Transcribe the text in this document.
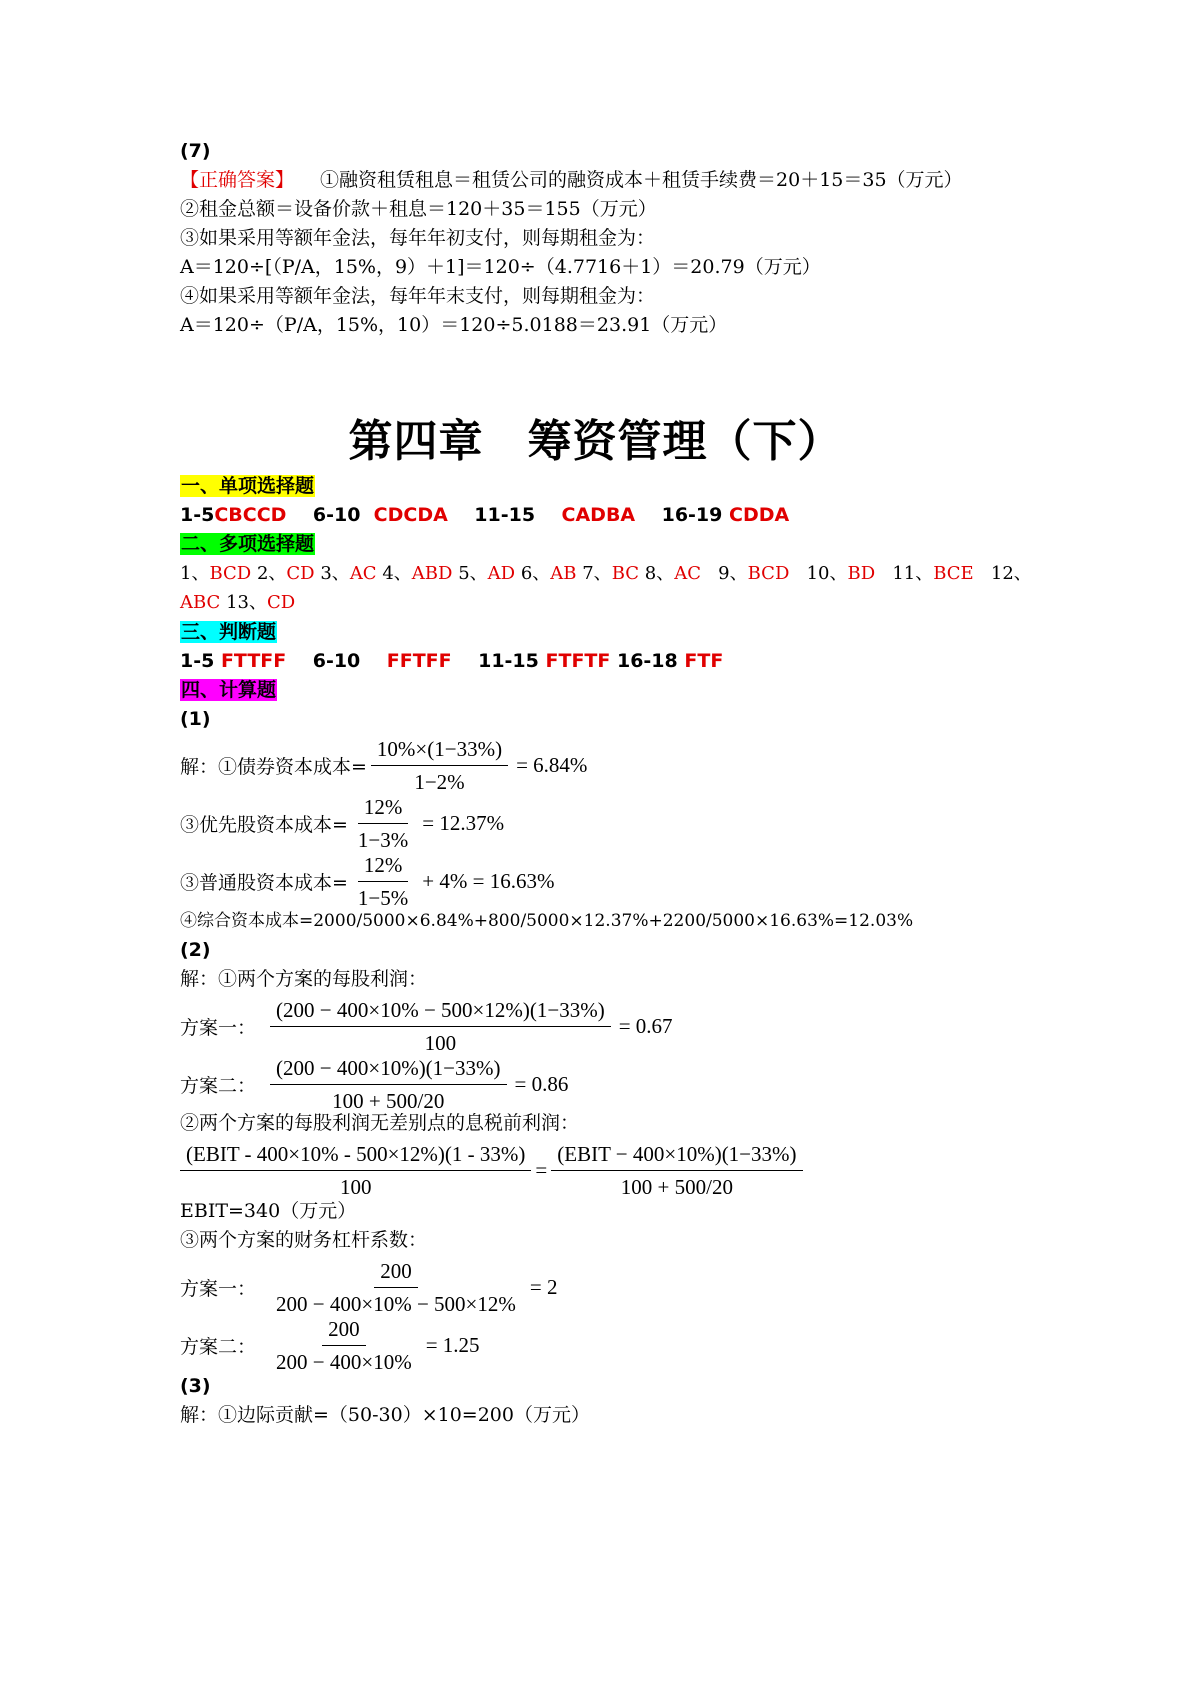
(7)
【正确答案】 ①融资租赁租息＝租赁公司的融资成本＋租赁手续费＝20＋15＝35（万元）
②租金总额＝设备价款＋租息＝120＋35＝155（万元）
③如果采用等额年金法，每年年初支付，则每期租金为：
A＝120÷[（P/A，15%，9）＋1]＝120÷（4.7716＋1）＝20.79（万元）
④如果采用等额年金法，每年年末支付，则每期租金为：
A＝120÷（P/A，15%，10）＝120÷5.0188＝23.91（万元）
第四章 筹资管理（下）
一、单项选择题
1-5CBCCD 6-10 CDCDA 11-15 CADBA 16-19 CDDA
二、多项选择题
1、BCD 2、CD 3、AC 4、ABD 5、AD 6、AB 7、BC 8、AC 9、BCD 10、BD 11、BCE 12、
ABC 13、CD
三、判断题
1-5 FTTFF 6-10 FFTFF 11-15 FTFTF 16-18 FTF
四、计算题
(1)
解：①债券资本成本= $\frac{10\%\times(1-33\%)}{1-2\%} = 6.84\%$
③优先股资本成本= $\frac{12\%}{1-3\%} = 12.37\%$
③普通股资本成本= $\frac{12\%}{1-5\%} + 4\% = 16.63\%$
④综合资本成本=2000/5000×6.84%+800/5000×12.37%+2200/5000×16.63%=12.03%
(2)
解：①两个方案的每股利润：
方案一： $\frac{(200 - 400\times 10\% - 500\times 12\%)(1-33\%)}{100} = 0.67$
方案二： $\frac{(200 - 400\times 10\%)(1-33\%)}{100 + 500/20} = 0.86$
②两个方案的每股利润无差别点的息税前利润：
$\frac{\text{(EBIT - 400×10\% - 500×12\%)(1 - 33\%)}}{100} = \frac{\text{(EBIT − 400×10\%)(1−33\%)}}{100 + 500/20}$
EBIT=340（万元）
③两个方案的财务杠杆系数：
方案一： $\frac{200}{200 - 400\times 10\% - 500\times 12\%} = 2$
方案二： $\frac{200}{200 - 400\times 10\%} = 1.25$
(3)
解：①边际贡献=（50-30）×10=200（万元）
